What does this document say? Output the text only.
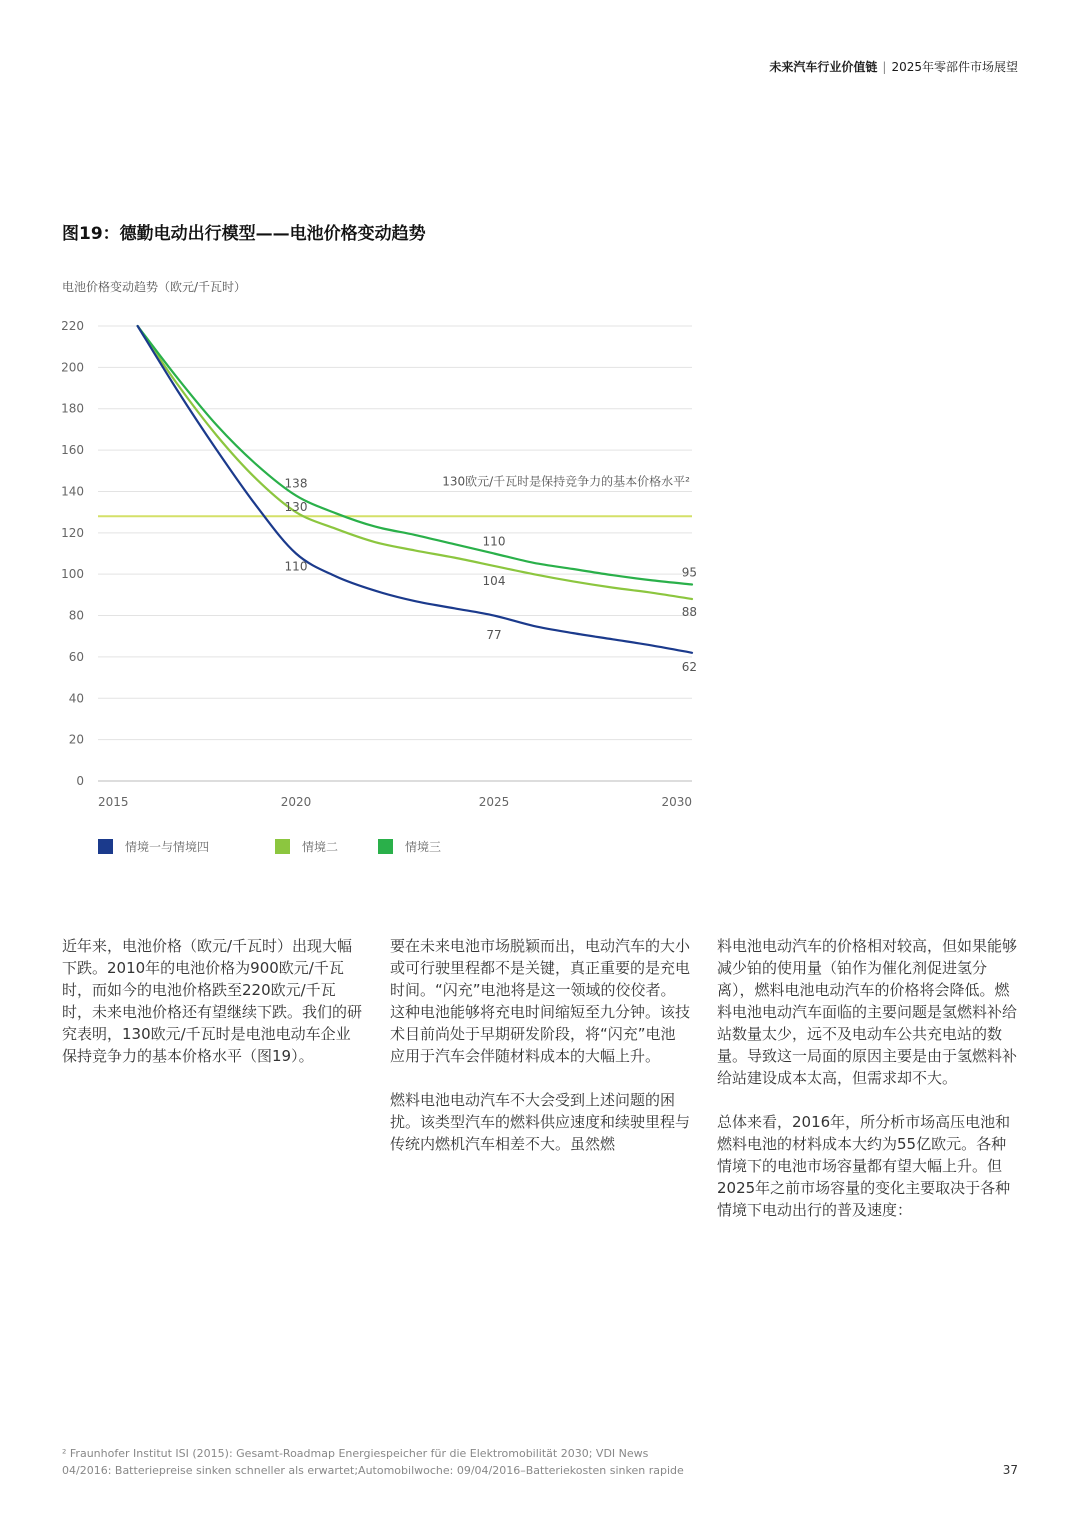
未来汽车行业价值链 | 2025年零部件市场展望
图19：德勤电动出行模型——电池价格变动趋势
电池价格变动趋势（欧元/千瓦时）
0
20
40
60
80
100
120
140
160
180
200
220
2015	2020	2025	2030
130欧元/千瓦时是保持竞争力的基本价格水平²
138
130
110
110
104
77
95
88
62
情境一与情境四	情境二	情境三

近年来，电池价格（欧元/千瓦时）出现大幅下跌。2010年的电池价格为900欧元/千瓦时，而如今的电池价格跌至220欧元/千瓦时，未来电池价格还有望继续下跌。我们的研究表明，130欧元/千瓦时是电池电动车企业保持竞争力的基本价格水平（图19）。

要在未来电池市场脱颖而出，电动汽车的大小或可行驶里程都不是关键，真正重要的是充电时间。“闪充”电池将是这一领域的佼佼者。这种电池能够将充电时间缩短至九分钟。该技术目前尚处于早期研发阶段，将“闪充”电池应用于汽车会伴随材料成本的大幅上升。

燃料电池电动汽车不大会受到上述问题的困扰。该类型汽车的燃料供应速度和续驶里程与传统内燃机汽车相差不大。虽然燃

料电池电动汽车的价格相对较高，但如果能够减少铂的使用量（铂作为催化剂促进氢分离），燃料电池电动汽车的价格将会降低。燃料电池电动汽车面临的主要问题是氢燃料补给站数量太少，远不及电动车公共充电站的数量。导致这一局面的原因主要是由于氢燃料补给站建设成本太高，但需求却不大。

总体来看，2016年，所分析市场高压电池和燃料电池的材料成本大约为55亿欧元。各种情境下的电池市场容量都有望大幅上升。但2025年之前市场容量的变化主要取决于各种情境下电动出行的普及速度：

² Fraunhofer Institut ISI (2015): Gesamt-Roadmap Energiespeicher für die Elektromobilität 2030; VDI News
04/2016: Batteriepreise sinken schneller als erwartet;Automobilwoche: 09/04/2016–Batteriekosten sinken rapide	37
